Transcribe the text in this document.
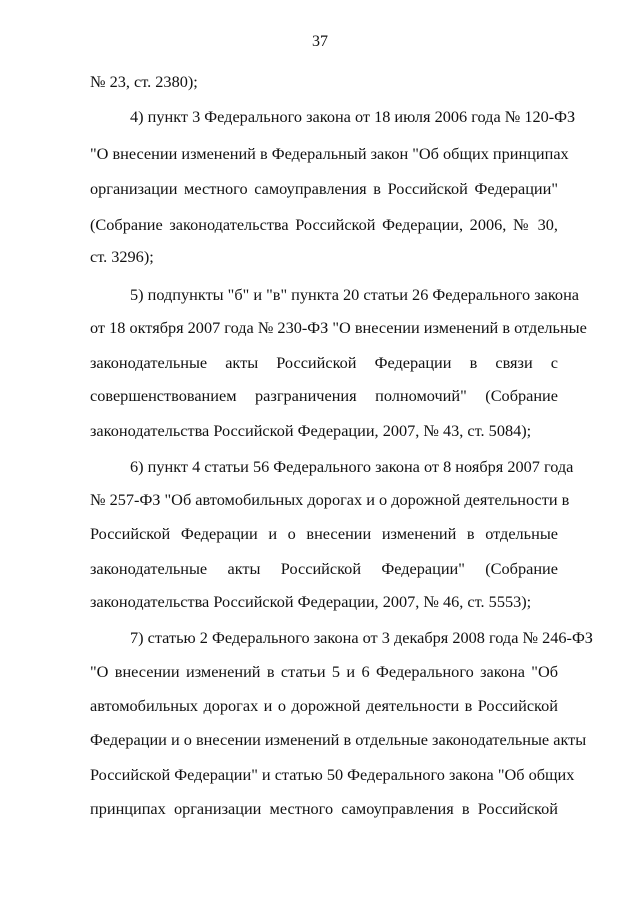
37
№ 23, ст. 2380);
4) пункт 3 Федерального закона от 18 июля 2006 года № 120-ФЗ
"О внесении изменений в Федеральный закон "Об общих принципах
организации местного самоуправления в Российской Федерации"
(Собрание законодательства Российской Федерации, 2006, № 30,
ст. 3296);
5) подпункты "б" и "в" пункта 20 статьи 26 Федерального закона
от 18 октября 2007 года № 230-ФЗ "О внесении изменений в отдельные
законодательные акты Российской Федерации в связи с
совершенствованием разграничения полномочий" (Собрание
законодательства Российской Федерации, 2007, № 43, ст. 5084);
6) пункт 4 статьи 56 Федерального закона от 8 ноября 2007 года
№ 257-ФЗ "Об автомобильных дорогах и о дорожной деятельности в
Российской Федерации и о внесении изменений в отдельные
законодательные акты Российской Федерации" (Собрание
законодательства Российской Федерации, 2007, № 46, ст. 5553);
7) статью 2 Федерального закона от 3 декабря 2008 года № 246-ФЗ
"О внесении изменений в статьи 5 и 6 Федерального закона "Об
автомобильных дорогах и о дорожной деятельности в Российской
Федерации и о внесении изменений в отдельные законодательные акты
Российской Федерации" и статью 50 Федерального закона "Об общих
принципах организации местного самоуправления в Российской
